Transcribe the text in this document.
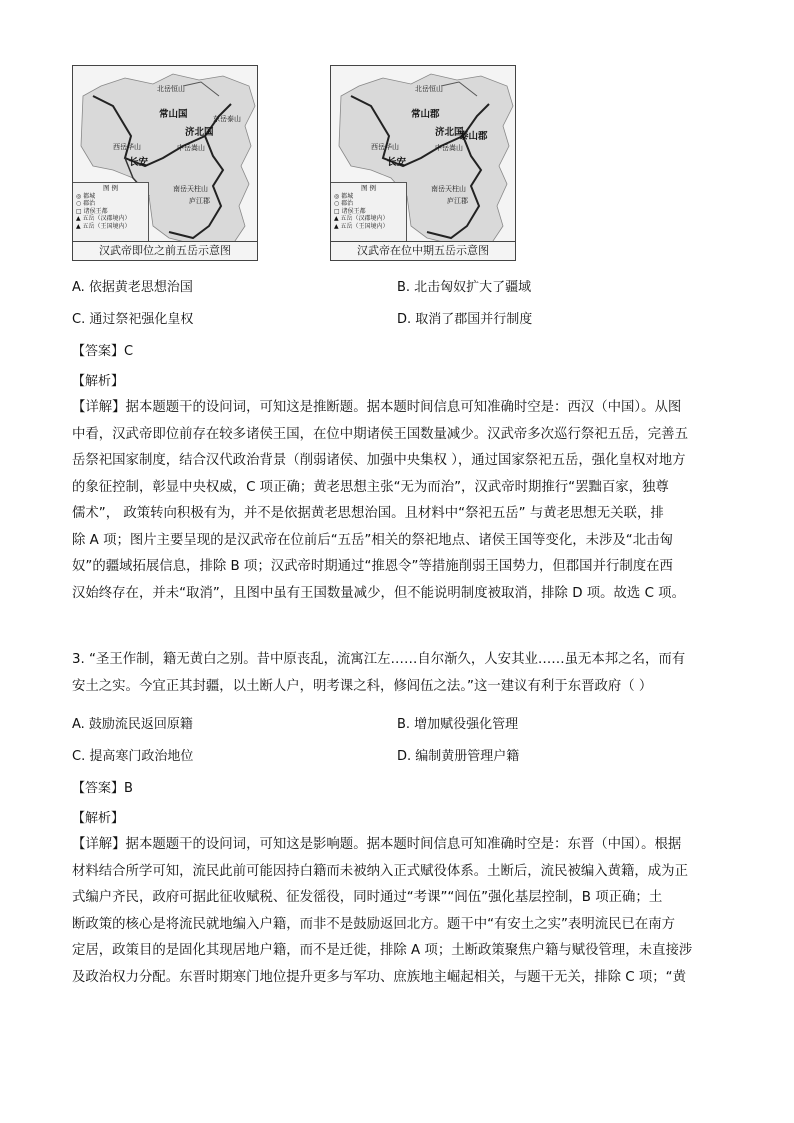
北岳恒山
常山国	东岳泰山
济北国
西岳华山	中岳嵩山
长安
南岳天柱山
庐江郡
图 例
◎ 都城
○ 郡治
□ 诸侯王都
▲ 五岳（汉郡境内）
▲ 五岳（王国境内）
汉武帝即位之前五岳示意图
北岳恒山
常山郡
济北国
泰山郡
西岳华山	中岳嵩山
长安
南岳天柱山
庐江郡
图 例
◎ 都城
○ 郡治
□ 诸侯王都
▲ 五岳（汉郡境内）
▲ 五岳（王国境内）
汉武帝在位中期五岳示意图
A. 依据黄老思想治国	B. 北击匈奴扩大了疆域
C. 通过祭祀强化皇权	D. 取消了郡国并行制度
【答案】C
【解析】
【详解】据本题题干的设问词，可知这是推断题。据本题时间信息可知准确时空是：西汉（中国）。从图
中看，汉武帝即位前存在较多诸侯王国，在位中期诸侯王国数量减少。汉武帝多次巡行祭祀五岳，完善五
岳祭祀国家制度，结合汉代政治背景（削弱诸侯、加强中央集权 ），通过国家祭祀五岳，强化皇权对地方
的象征控制，彰显中央权威，C 项正确；黄老思想主张“无为而治”，汉武帝时期推行“罢黜百家，独尊
儒术”， 政策转向积极有为，并不是依据黄老思想治国。且材料中“祭祀五岳” 与黄老思想无关联，排
除 A 项；图片主要呈现的是汉武帝在位前后“五岳”相关的祭祀地点、诸侯王国等变化，未涉及“北击匈
奴”的疆域拓展信息，排除 B 项；汉武帝时期通过“推恩令”等措施削弱王国势力，但郡国并行制度在西
汉始终存在，并未“取消”，且图中虽有王国数量减少，但不能说明制度被取消，排除 D 项。故选 C 项。
3. “圣王作制，籍无黄白之别。昔中原丧乱，流寓江左……自尔渐久，人安其业……虽无本邦之名，而有
安土之实。今宜正其封疆，以土断人户，明考课之科，修闾伍之法。”这一建议有利于东晋政府（ ）
A. 鼓励流民返回原籍	B. 增加赋役强化管理
C. 提高寒门政治地位	D. 编制黄册管理户籍
【答案】B
【解析】
【详解】据本题题干的设问词，可知这是影响题。据本题时间信息可知准确时空是：东晋（中国）。根据
材料结合所学可知，流民此前可能因持白籍而未被纳入正式赋役体系。土断后，流民被编入黄籍，成为正
式编户齐民，政府可据此征收赋税、征发徭役，同时通过“考课”“闾伍”强化基层控制，B 项正确；土
断政策的核心是将流民就地编入户籍，而非不是鼓励返回北方。题干中“有安土之实”表明流民已在南方
定居，政策目的是固化其现居地户籍，而不是迁徙，排除 A 项；土断政策聚焦户籍与赋役管理，未直接涉
及政治权力分配。东晋时期寒门地位提升更多与军功、庶族地主崛起相关，与题干无关，排除 C 项；“黄
